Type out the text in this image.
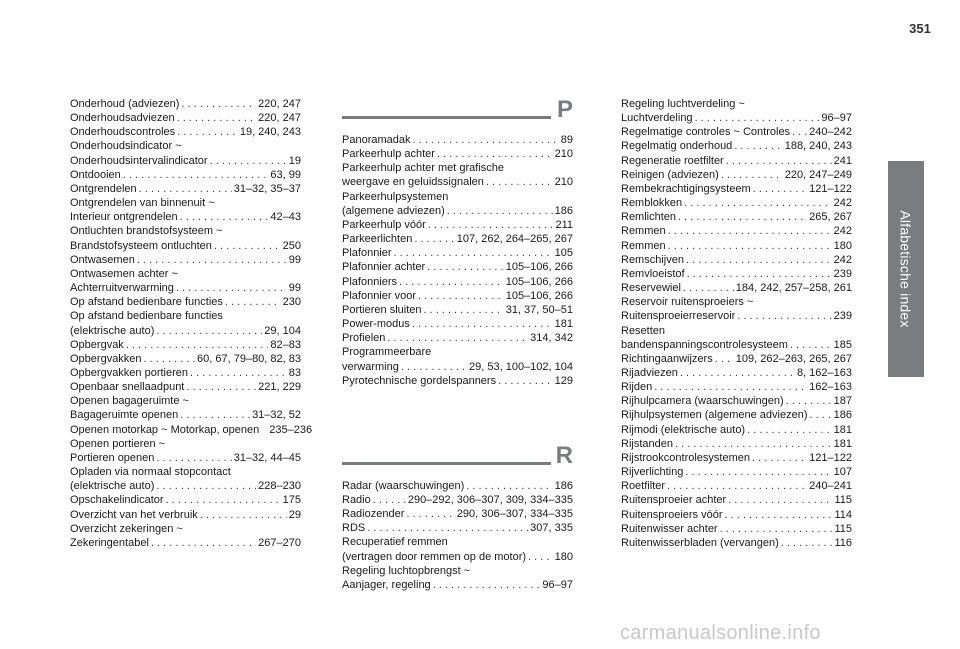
351
Alfabetische index
Onderhoud (adviezen) . . .	220, 247
Onderhoudsadviezen . . .	220, 247
Onderhoudscontroles . . .	19, 240, 243
Onderhoudsindicator ~
Onderhoudsintervalindicator . . .	19
Ontdooien . . .	63, 99
Ontgrendelen . . .	31–32, 35–37
Ontgrendelen van binnenuit ~
Interieur ontgrendelen . . .	42–43
Ontluchten brandstofsysteem ~
Brandstofsysteem ontluchten . . .	250
Ontwasemen . . .	99
Ontwasemen achter ~
Achterruitverwarming . . .	99
Op afstand bedienbare functies . . .	230
Op afstand bedienbare functies
(elektrische auto) . . .	29, 104
Opbergvak . . .	82–83
Opbergvakken . . .	60, 67, 79–80, 82, 83
Opbergvakken portieren . . .	83
Openbaar snellaadpunt . . .	221, 229
Openen bagageruimte ~
Bagageruimte openen . . .	31–32, 52
Openen motorkap ~ Motorkap, openen 235–236
Openen portieren ~
Portieren openen . . .	31–32, 44–45
Opladen via normaal stopcontact
(elektrische auto) . . .	228–230
Opschakelindicator . . .	175
Overzicht van het verbruik . . .	29
Overzicht zekeringen ~
Zekeringentabel . . .	267–270
P
Panoramadak . . .	89
Parkeerhulp achter . . .	210
Parkeerhulp achter met grafische
weergave en geluidssignalen . . .	210
Parkeerhulpsystemen
(algemene adviezen) . . .	186
Parkeerhulp vóór . . .	211
Parkeerlichten . . .	107, 262, 264–265, 267
Plafonnier . . .	105
Plafonnier achter . . .	105–106, 266
Plafonniers . . .	105–106, 266
Plafonnier voor . . .	105–106, 266
Portieren sluiten . . .	31, 37, 50–51
Power-modus . . .	181
Profielen . . .	314, 342
Programmeerbare
verwarming . . .	29, 53, 100–102, 104
Pyrotechnische gordelspanners . . .	129
R
Radar (waarschuwingen) . . .	186
Radio . . .	290–292, 306–307, 309, 334–335
Radiozender . . .	290, 306–307, 334–335
RDS . . .	307, 335
Recuperatief remmen
(vertragen door remmen op de motor) . . .	180
Regeling luchtopbrengst ~
Aanjager, regeling . . .	96–97
Regeling luchtverdeling ~
Luchtverdeling . . .	96–97
Regelmatige controles ~ Controles . . . 240–242
Regelmatig onderhoud . . .	188, 240, 243
Regeneratie roetfilter . . .	241
Reinigen (adviezen) . . .	220, 247–249
Rembekrachtigingsysteem . . .	121–122
Remblokken . . .	242
Remlichten . . .	265, 267
Remmen . . .	242
Remmen . . .	180
Remschijven . . .	242
Remvloeistof . . .	239
Reservewiel . . .	184, 242, 257–258, 261
Reservoir ruitensproeiers ~
Ruitensproeierreservoir . . .	239
Resetten
bandenspanningscontrolesysteem . . .	185
Richtingaanwijzers . . . 109, 262–263, 265, 267
Rijadviezen . . .	8, 162–163
Rijden . . .	162–163
Rijhulpcamera (waarschuwingen) . . .	187
Rijhulpsystemen (algemene adviezen) . . . 186
Rijmodi (elektrische auto) . . .	181
Rijstanden . . .	181
Rijstrookcontrolesystemen . . .	121–122
Rijverlichting . . .	107
Roetfilter . . .	240–241
Ruitensproeier achter . . .	115
Ruitensproeiers vóór . . .	114
Ruitenwisser achter . . .	115
Ruitenwisserbladen (vervangen) . . .	116
carmanualsonline.info
